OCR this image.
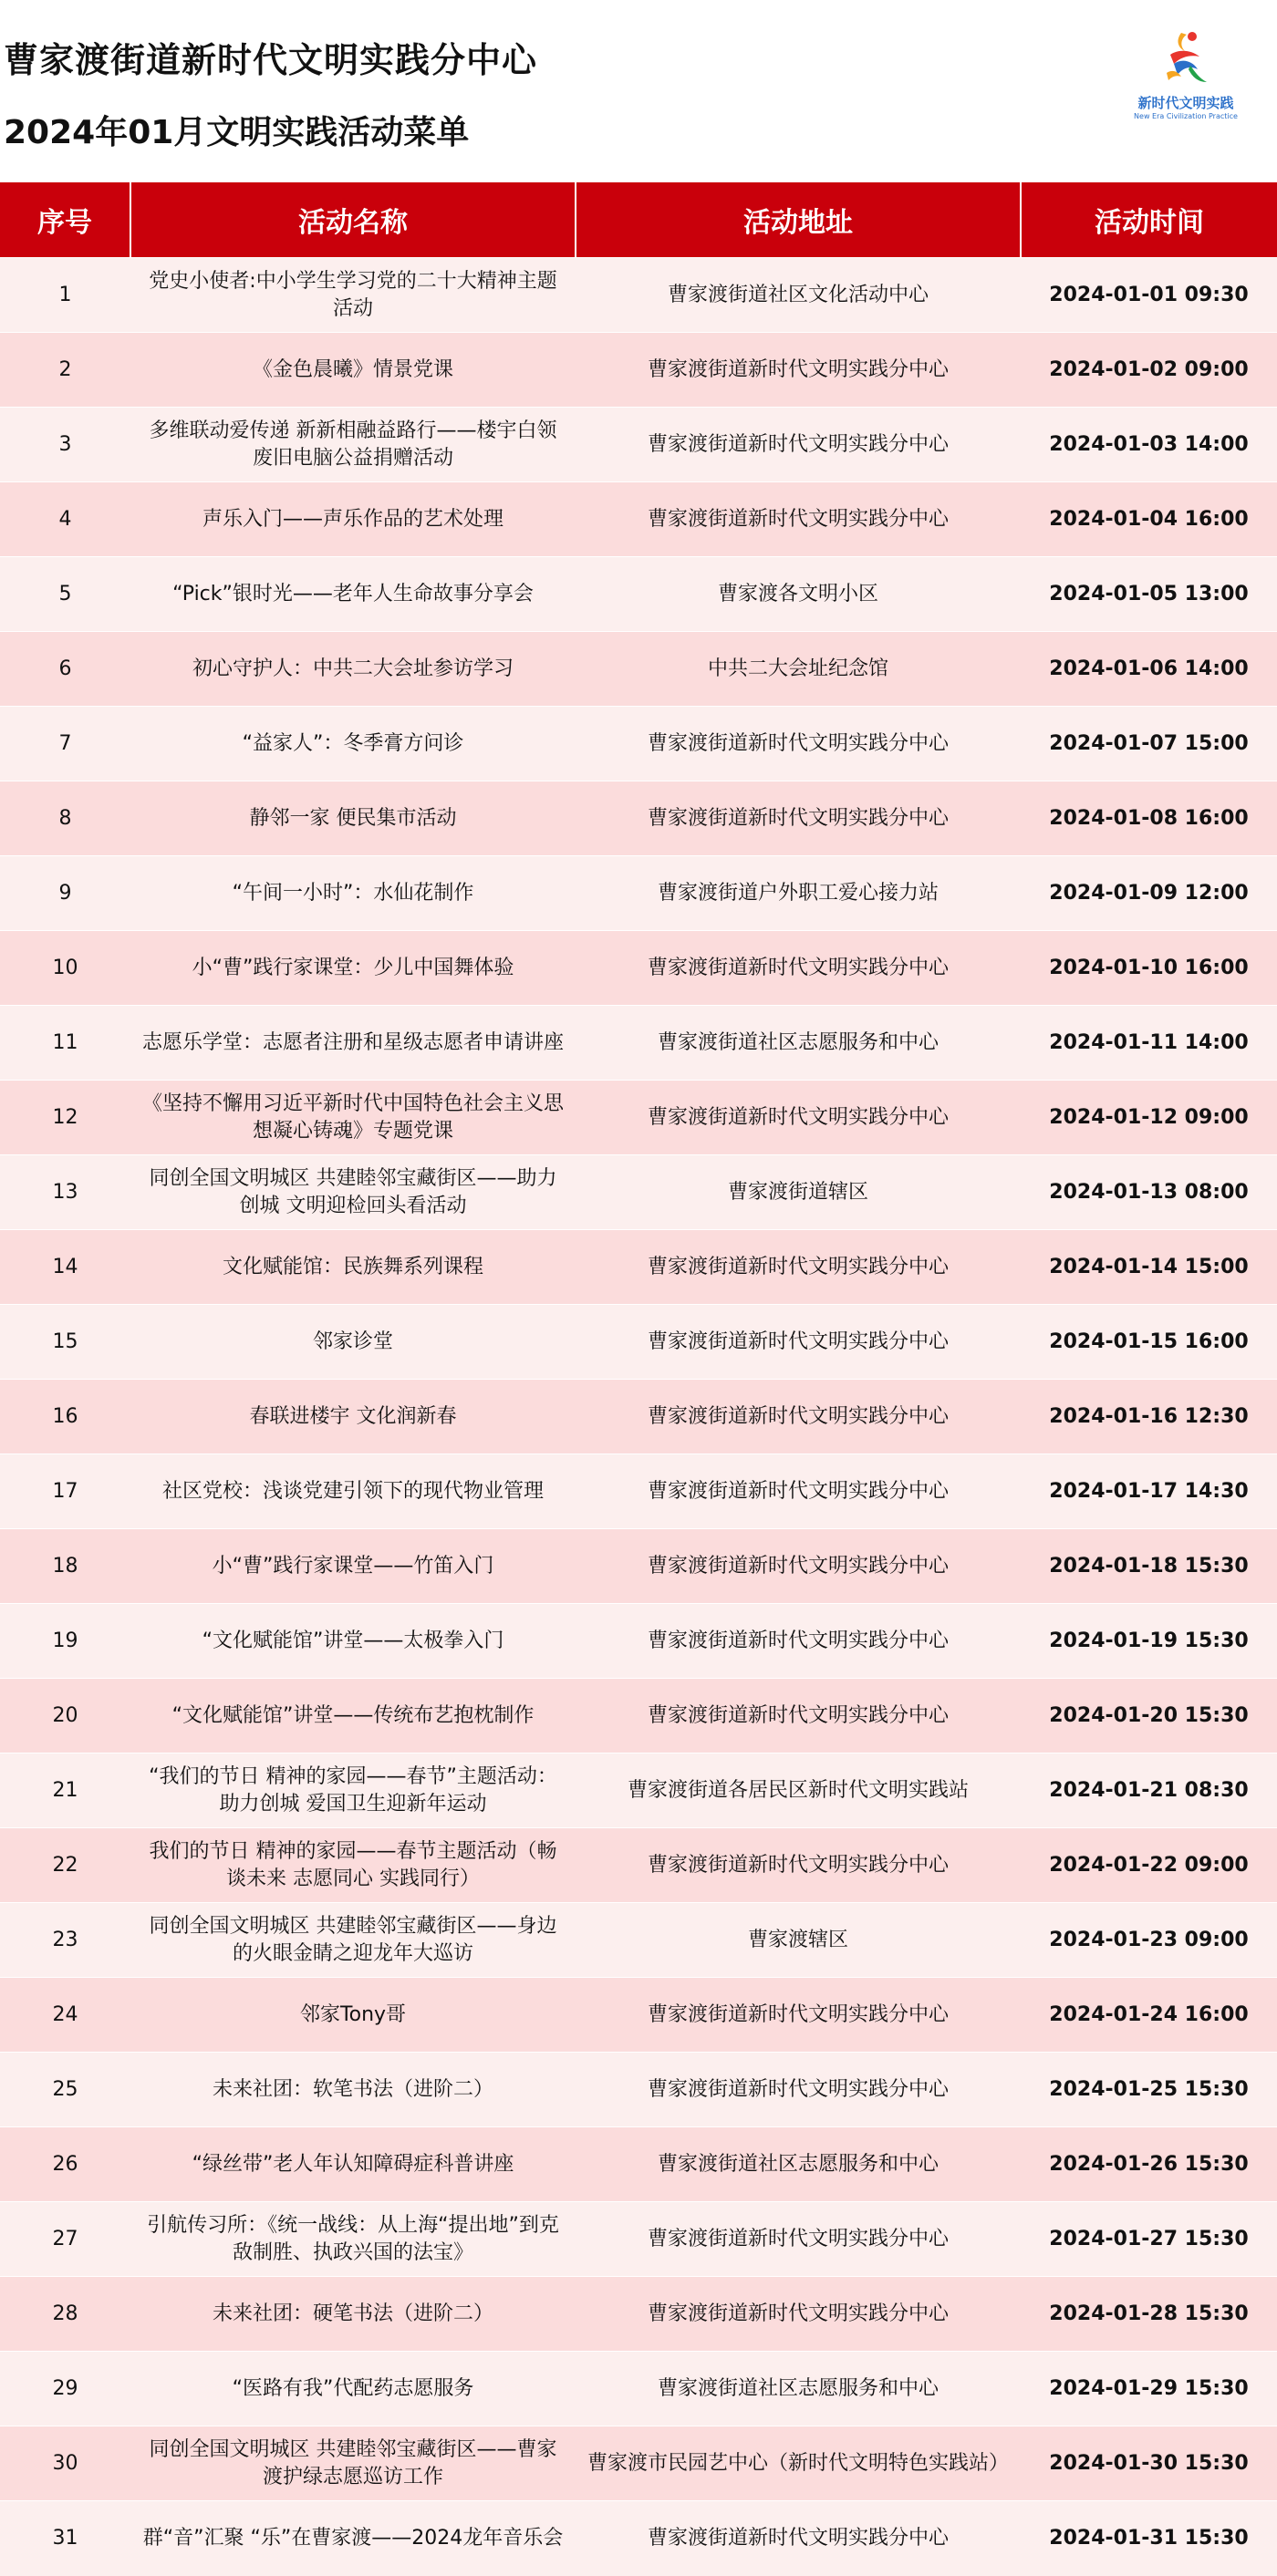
曹家渡街道新时代文明实践分中心
2024年01月文明实践活动菜单
新时代文明实践
New Era Civilization Practice
序号	活动名称	活动地址	活动时间
1	党史小使者:中小学生学习党的二十大精神主题活动	曹家渡街道社区文化活动中心	2024-01-01 09:30
2	《金色晨曦》情景党课	曹家渡街道新时代文明实践分中心	2024-01-02 09:00
3	多维联动爱传递 新新相融益路行——楼宇白领废旧电脑公益捐赠活动	曹家渡街道新时代文明实践分中心	2024-01-03 14:00
4	声乐入门——声乐作品的艺术处理	曹家渡街道新时代文明实践分中心	2024-01-04 16:00
5	“Pick”银时光——老年人生命故事分享会	曹家渡各文明小区	2024-01-05 13:00
6	初心守护人：中共二大会址参访学习	中共二大会址纪念馆	2024-01-06 14:00
7	“益家人”：冬季膏方问诊	曹家渡街道新时代文明实践分中心	2024-01-07 15:00
8	静邻一家 便民集市活动	曹家渡街道新时代文明实践分中心	2024-01-08 16:00
9	“午间一小时”：水仙花制作	曹家渡街道户外职工爱心接力站	2024-01-09 12:00
10	小“曹”践行家课堂：少儿中国舞体验	曹家渡街道新时代文明实践分中心	2024-01-10 16:00
11	志愿乐学堂：志愿者注册和星级志愿者申请讲座	曹家渡街道社区志愿服务和中心	2024-01-11 14:00
12	《坚持不懈用习近平新时代中国特色社会主义思想凝心铸魂》专题党课	曹家渡街道新时代文明实践分中心	2024-01-12 09:00
13	同创全国文明城区 共建睦邻宝藏街区——助力创城 文明迎检回头看活动	曹家渡街道辖区	2024-01-13 08:00
14	文化赋能馆：民族舞系列课程	曹家渡街道新时代文明实践分中心	2024-01-14 15:00
15	邻家诊堂	曹家渡街道新时代文明实践分中心	2024-01-15 16:00
16	春联进楼宇 文化润新春	曹家渡街道新时代文明实践分中心	2024-01-16 12:30
17	社区党校：浅谈党建引领下的现代物业管理	曹家渡街道新时代文明实践分中心	2024-01-17 14:30
18	小“曹”践行家课堂——竹笛入门	曹家渡街道新时代文明实践分中心	2024-01-18 15:30
19	“文化赋能馆”讲堂——太极拳入门	曹家渡街道新时代文明实践分中心	2024-01-19 15:30
20	“文化赋能馆”讲堂——传统布艺抱枕制作	曹家渡街道新时代文明实践分中心	2024-01-20 15:30
21	“我们的节日 精神的家园——春节”主题活动：助力创城 爱国卫生迎新年运动	曹家渡街道各居民区新时代文明实践站	2024-01-21 08:30
22	我们的节日 精神的家园——春节主题活动（畅谈未来 志愿同心 实践同行）	曹家渡街道新时代文明实践分中心	2024-01-22 09:00
23	同创全国文明城区 共建睦邻宝藏街区——身边的火眼金睛之迎龙年大巡访	曹家渡辖区	2024-01-23 09:00
24	邻家Tony哥	曹家渡街道新时代文明实践分中心	2024-01-24 16:00
25	未来社团：软笔书法（进阶二）	曹家渡街道新时代文明实践分中心	2024-01-25 15:30
26	“绿丝带”老人年认知障碍症科普讲座	曹家渡街道社区志愿服务和中心	2024-01-26 15:30
27	引航传习所：《统一战线：从上海“提出地”到克敌制胜、执政兴国的法宝》	曹家渡街道新时代文明实践分中心	2024-01-27 15:30
28	未来社团：硬笔书法（进阶二）	曹家渡街道新时代文明实践分中心	2024-01-28 15:30
29	“医路有我”代配药志愿服务	曹家渡街道社区志愿服务和中心	2024-01-29 15:30
30	同创全国文明城区 共建睦邻宝藏街区——曹家渡护绿志愿巡访工作	曹家渡市民园艺中心（新时代文明特色实践站）	2024-01-30 15:30
31	群“音”汇聚 “乐”在曹家渡——2024龙年音乐会	曹家渡街道新时代文明实践分中心	2024-01-31 15:30
